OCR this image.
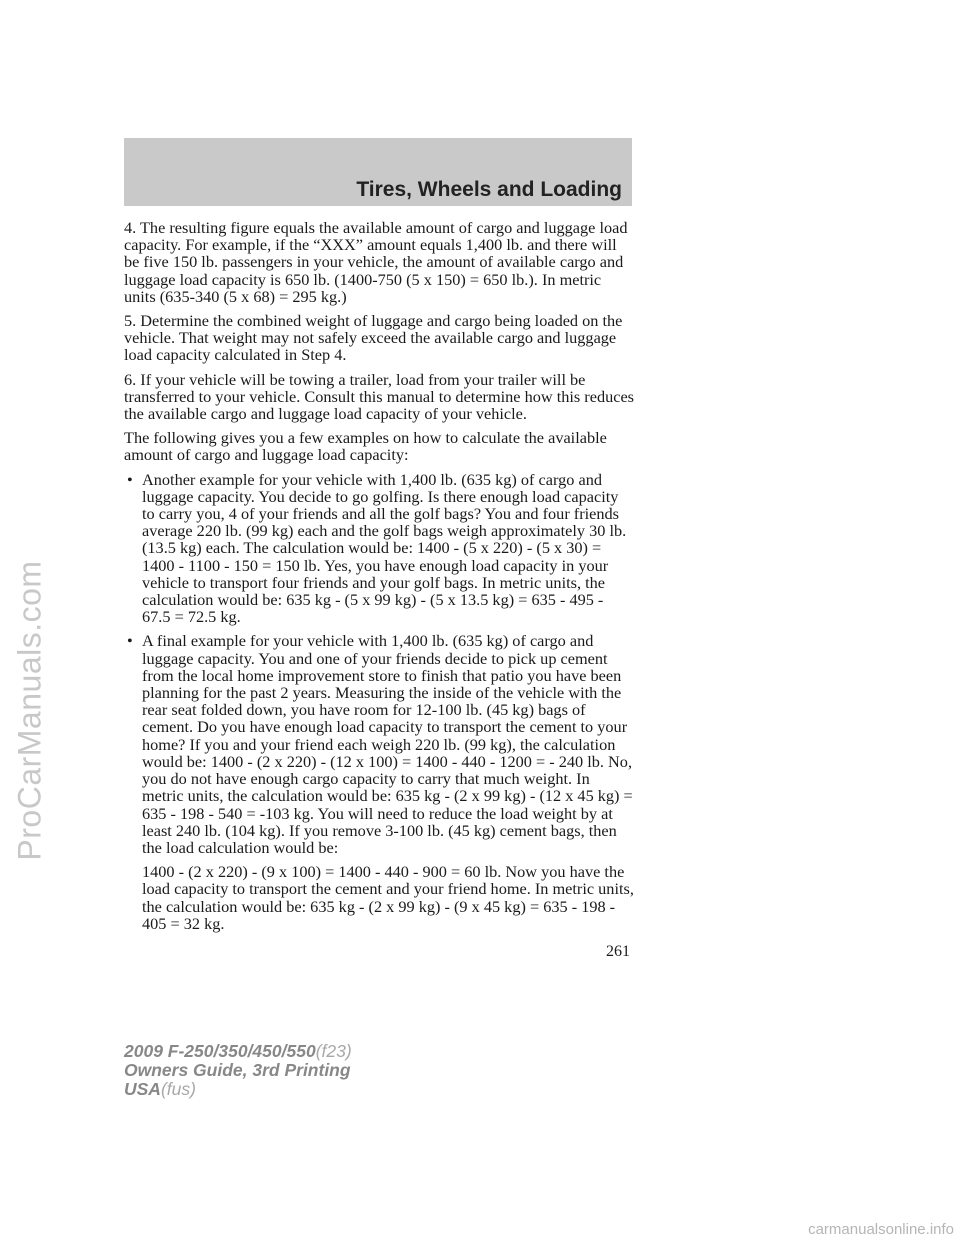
ProCarManuals.com
Tires, Wheels and Loading

4. The resulting figure equals the available amount of cargo and luggage load capacity. For example, if the “XXX” amount equals 1,400 lb. and there will be five 150 lb. passengers in your vehicle, the amount of available cargo and luggage load capacity is 650 lb. (1400-750 (5 x 150) = 650 lb.). In metric units (635-340 (5 x 68) = 295 kg.)

5. Determine the combined weight of luggage and cargo being loaded on the vehicle. That weight may not safely exceed the available cargo and luggage load capacity calculated in Step 4.

6. If your vehicle will be towing a trailer, load from your trailer will be transferred to your vehicle. Consult this manual to determine how this reduces the available cargo and luggage load capacity of your vehicle.

The following gives you a few examples on how to calculate the available amount of cargo and luggage load capacity:

• Another example for your vehicle with 1,400 lb. (635 kg) of cargo and luggage capacity. You decide to go golfing. Is there enough load capacity to carry you, 4 of your friends and all the golf bags? You and four friends average 220 lb. (99 kg) each and the golf bags weigh approximately 30 lb. (13.5 kg) each. The calculation would be: 1400 - (5 x 220) - (5 x 30) = 1400 - 1100 - 150 = 150 lb. Yes, you have enough load capacity in your vehicle to transport four friends and your golf bags. In metric units, the calculation would be: 635 kg - (5 x 99 kg) - (5 x 13.5 kg) = 635 - 495 - 67.5 = 72.5 kg.
• A final example for your vehicle with 1,400 lb. (635 kg) of cargo and luggage capacity. You and one of your friends decide to pick up cement from the local home improvement store to finish that patio you have been planning for the past 2 years. Measuring the inside of the vehicle with the rear seat folded down, you have room for 12-100 lb. (45 kg) bags of cement. Do you have enough load capacity to transport the cement to your home? If you and your friend each weigh 220 lb. (99 kg), the calculation would be: 1400 - (2 x 220) - (12 x 100) = 1400 - 440 - 1200 = - 240 lb. No, you do not have enough cargo capacity to carry that much weight. In metric units, the calculation would be: 635 kg - (2 x 99 kg) - (12 x 45 kg) = 635 - 198 - 540 = -103 kg. You will need to reduce the load weight by at least 240 lb. (104 kg). If you remove 3-100 lb. (45 kg) cement bags, then the load calculation would be:

1400 - (2 x 220) - (9 x 100) = 1400 - 440 - 900 = 60 lb. Now you have the load capacity to transport the cement and your friend home. In metric units, the calculation would be: 635 kg - (2 x 99 kg) - (9 x 45 kg) = 635 - 198 - 405 = 32 kg.

261
2009 F-250/350/450/550(f23)
Owners Guide, 3rd Printing
USA(fus)
carmanualsonline.info
